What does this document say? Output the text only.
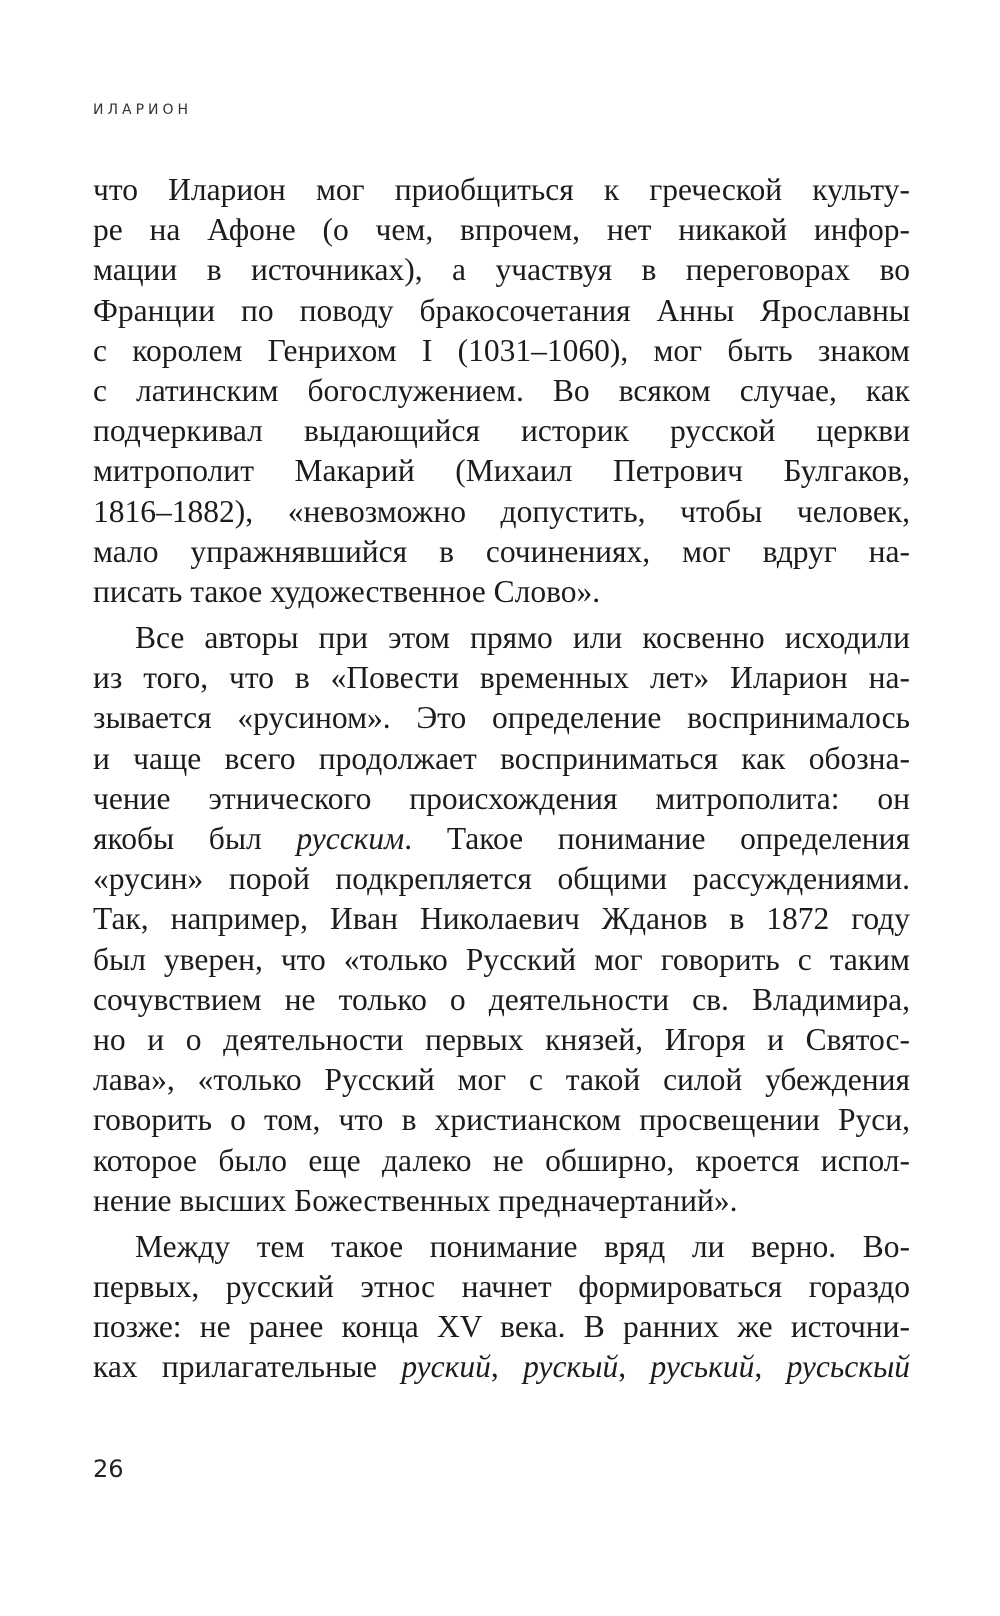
ИЛАРИОН
что Иларион мог приобщиться к греческой культу-
ре на Афоне (о чем, впрочем, нет никакой инфор-
мации в источниках), а участвуя в переговорах во
Франции по поводу бракосочетания Анны Ярославны
с королем Генрихом I (1031–1060), мог быть знаком
с латинским богослужением. Во всяком случае, как
подчеркивал выдающийся историк русской церкви
митрополит Макарий (Михаил Петрович Булгаков,
1816–1882), «невозможно допустить, чтобы человек,
мало упражнявшийся в сочинениях, мог вдруг на-
писать такое художественное Слово».
Все авторы при этом прямо или косвенно исходили
из того, что в «Повести временных лет» Иларион на-
зывается «русином». Это определение воспринималось
и чаще всего продолжает восприниматься как обозна-
чение этнического происхождения митрополита: он
якобы был русским. Такое понимание определения
«русин» порой подкрепляется общими рассуждениями.
Так, например, Иван Николаевич Жданов в 1872 году
был уверен, что «только Русский мог говорить с таким
сочувствием не только о деятельности св. Владимира,
но и о деятельности первых князей, Игоря и Святос-
лава», «только Русский мог с такой силой убеждения
говорить о том, что в христианском просвещении Руси,
которое было еще далеко не обширно, кроется испол-
нение высших Божественных предначертаний».
Между тем такое понимание вряд ли верно. Во-
первых, русский этнос начнет формироваться гораздо
позже: не ранее конца XV века. В ранних же источни-
ках прилагательные руский, рускый, руський, русьскый
26
